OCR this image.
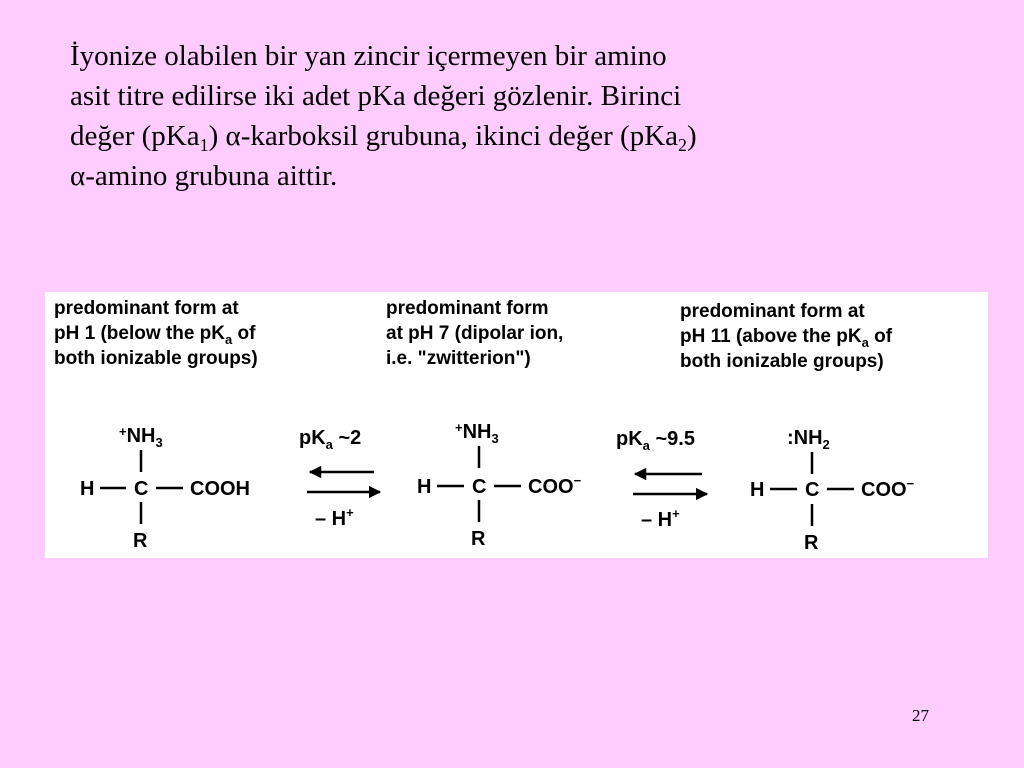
İyonize olabilen bir yan zincir içermeyen bir amino

asit titre edilirse iki adet pKa değeri gözlenir. Birinci

değer (pKa$_1$) α-karboksil grubuna, ikinci değer (pKa$_2$)

α-amino grubuna aittir.

predominant form at
pH 1 (below the $pK_a$ of
both ionizable groups)
predominant form
at pH 7 (dipolar ion,
i.e. "zwitterion")
predominant form at
pH 11 (above the $pK_a$ of
both ionizable groups)
$^+NH_3$
H C COOH
R
$pK_a$ ~2
– H+
$^+NH_3$
H C COO−
R
$pK_a$ ~9.5
– H+
$:NH_2$
H C COO−
R
27
